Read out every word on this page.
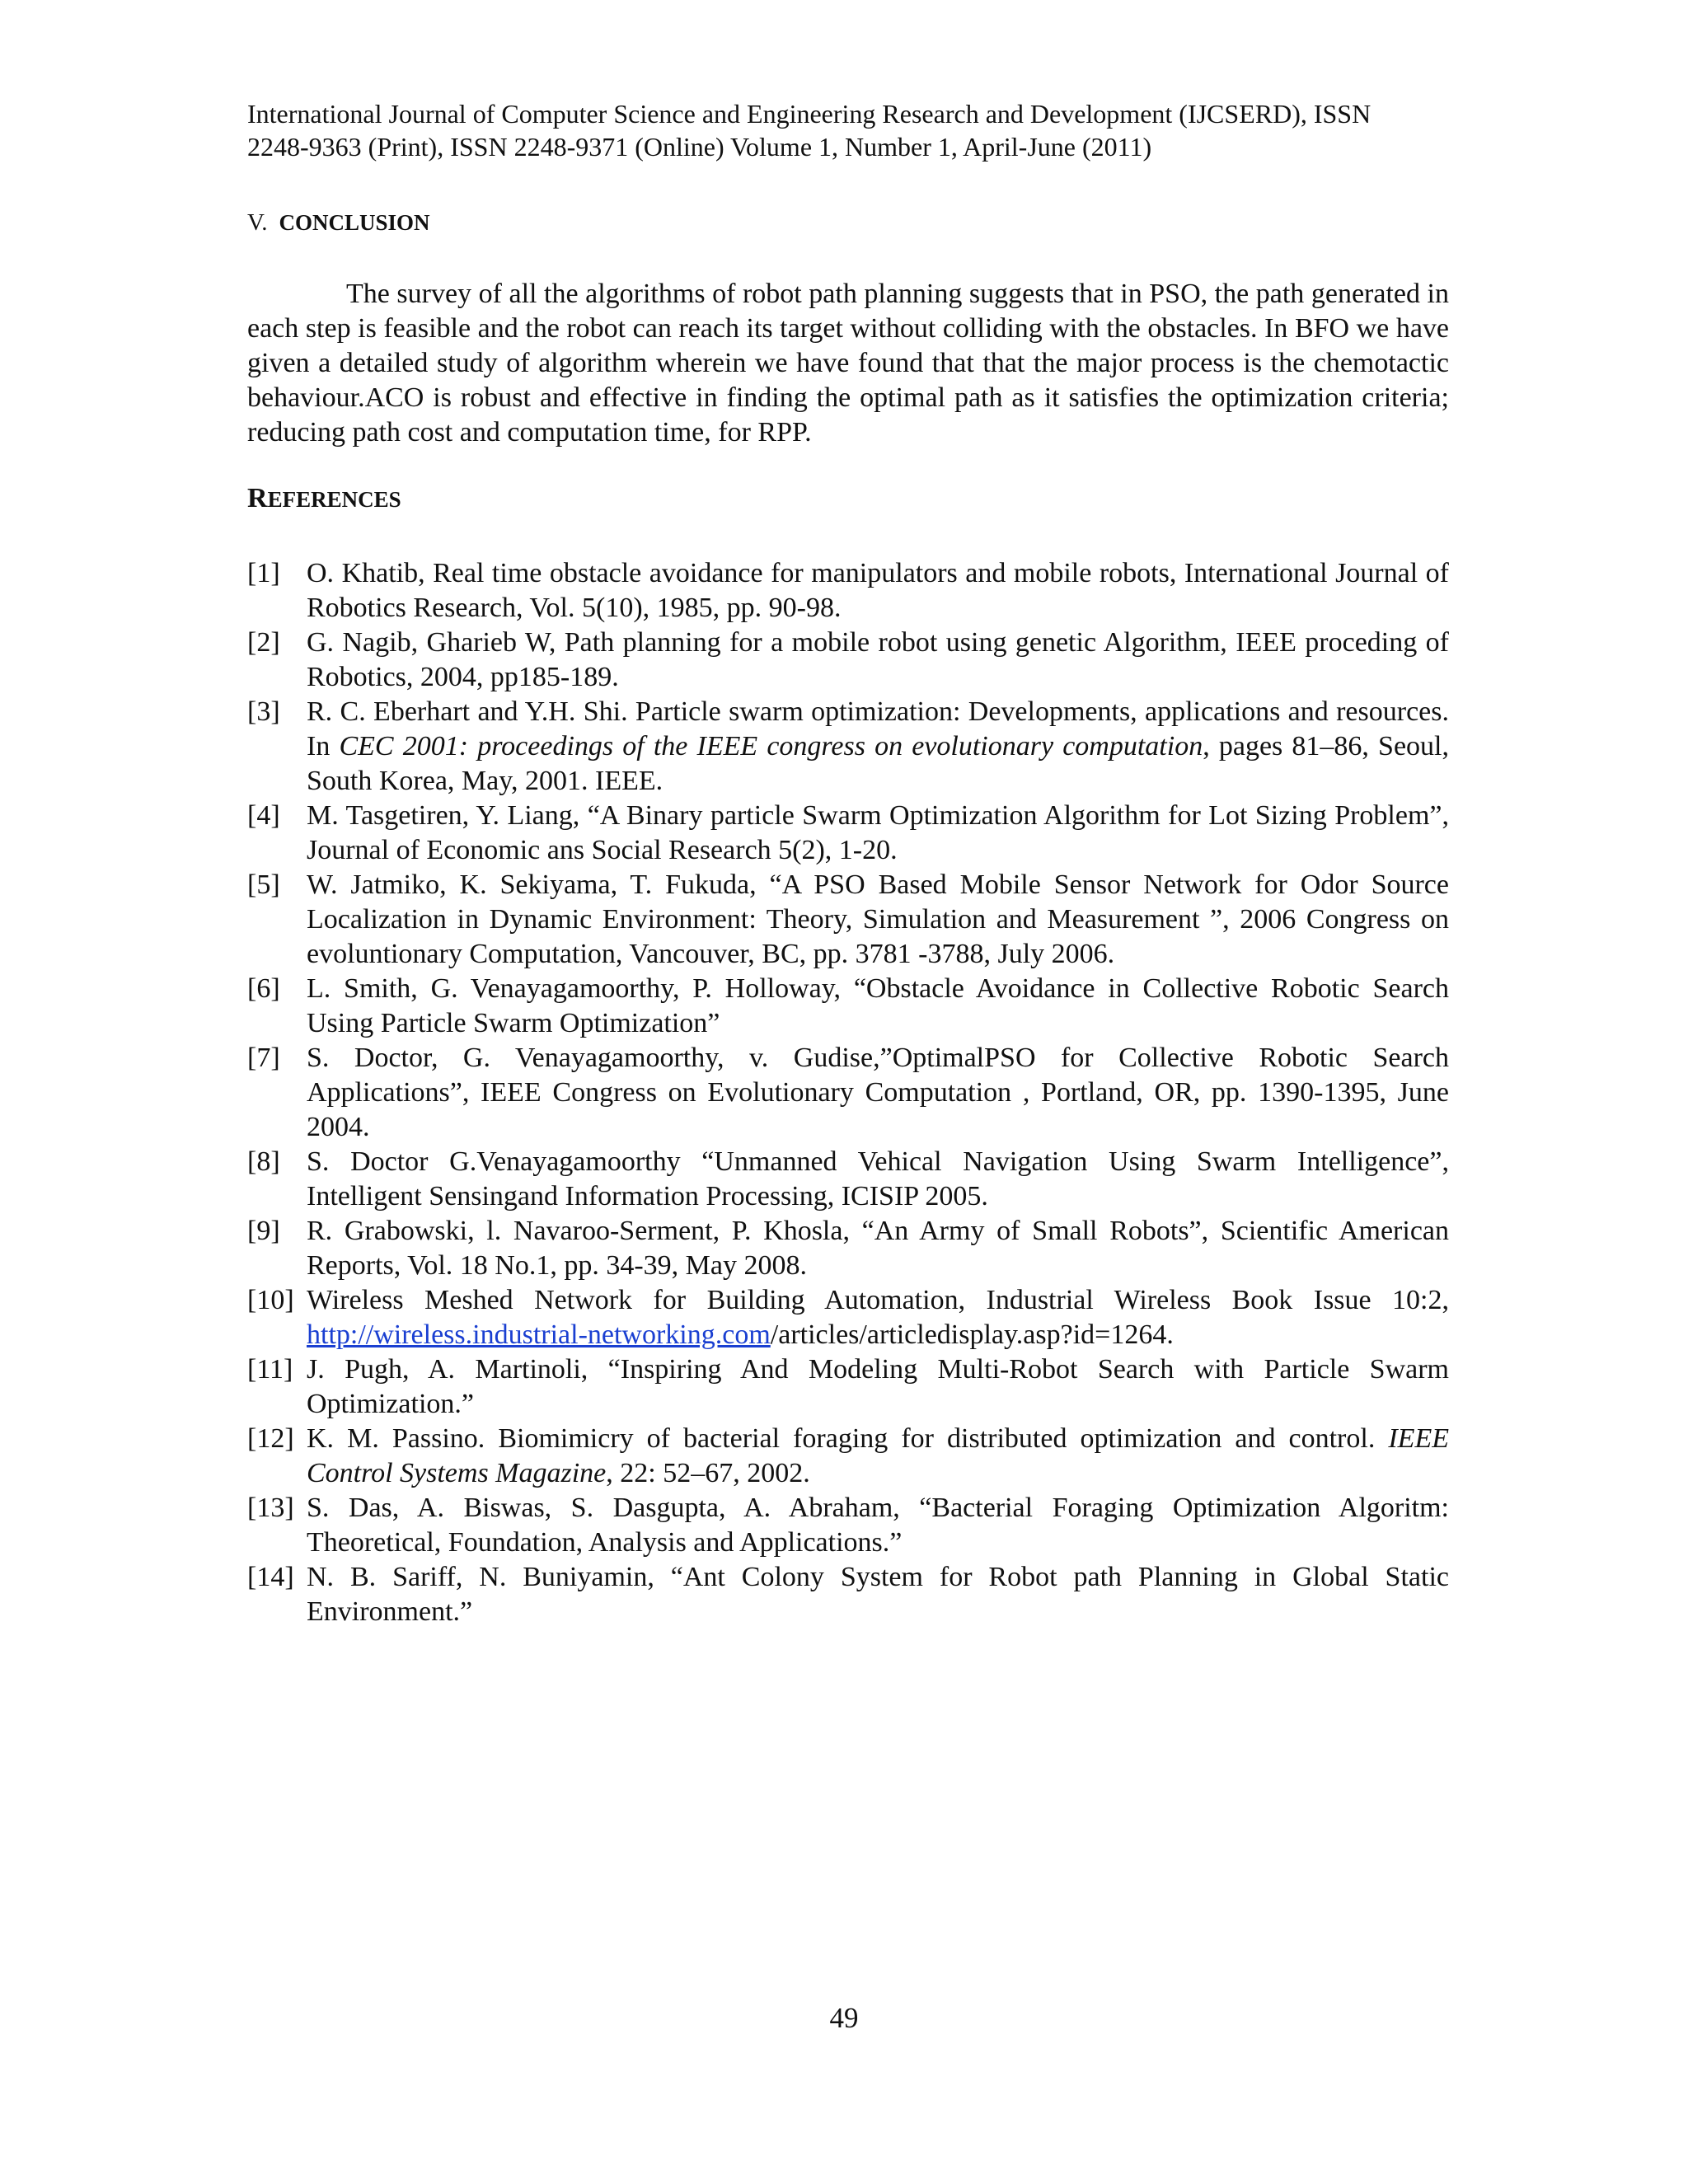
International Journal of Computer Science and Engineering Research and Development (IJCSERD), ISSN
2248-9363 (Print), ISSN 2248-9371 (Online) Volume 1, Number 1, April-June (2011)
V. CONCLUSION

The survey of all the algorithms of robot path planning suggests that in PSO, the path generated in each step is feasible and the robot can reach its target without colliding with the obstacles. In BFO we have given a detailed study of algorithm wherein we have found that that the major process is the chemotactic behaviour.ACO is robust and effective in finding the optimal path as it satisfies the optimization criteria; reducing path cost and computation time, for RPP.

REFERENCES
[1] O. Khatib, Real time obstacle avoidance for manipulators and mobile robots, International Journal of Robotics Research, Vol. 5(10), 1985, pp. 90-98.
[2] G. Nagib, Gharieb W, Path planning for a mobile robot using genetic Algorithm, IEEE proceding of Robotics, 2004, pp185-189.
[3] R. C. Eberhart and Y.H. Shi. Particle swarm optimization: Developments, applications and resources. In CEC 2001: proceedings of the IEEE congress on evolutionary computation, pages 81–86, Seoul, South Korea, May, 2001. IEEE.
[4] M. Tasgetiren, Y. Liang, “A Binary particle Swarm Optimization Algorithm for Lot Sizing Problem”, Journal of Economic ans Social Research 5(2), 1-20.
[5] W. Jatmiko, K. Sekiyama, T. Fukuda, “A PSO Based Mobile Sensor Network for Odor Source Localization in Dynamic Environment: Theory, Simulation and Measurement ”, 2006 Congress on evoluntionary Computation, Vancouver, BC, pp. 3781 -3788, July 2006.
[6] L. Smith, G. Venayagamoorthy, P. Holloway, “Obstacle Avoidance in Collective Robotic Search Using Particle Swarm Optimization”
[7] S. Doctor, G. Venayagamoorthy, v. Gudise,”OptimalPSO for Collective Robotic Search Applications”, IEEE Congress on Evolutionary Computation , Portland, OR, pp. 1390-1395, June 2004.
[8] S. Doctor G.Venayagamoorthy “Unmanned Vehical Navigation Using Swarm Intelligence”, Intelligent Sensingand Information Processing, ICISIP 2005.
[9] R. Grabowski, l. Navaroo-Serment, P. Khosla, “An Army of Small Robots”, Scientific American Reports, Vol. 18 No.1, pp. 34-39, May 2008.
[10] Wireless Meshed Network for Building Automation, Industrial Wireless Book Issue 10:2, http://wireless.industrial-networking.com/articles/articledisplay.asp?id=1264.
[11] J. Pugh, A. Martinoli, “Inspiring And Modeling Multi-Robot Search with Particle Swarm Optimization.”
[12] K. M. Passino. Biomimicry of bacterial foraging for distributed optimization and control. IEEE Control Systems Magazine, 22: 52–67, 2002.
[13] S. Das, A. Biswas, S. Dasgupta, A. Abraham, “Bacterial Foraging Optimization Algoritm: Theoretical, Foundation, Analysis and Applications.”
[14] N. B. Sariff, N. Buniyamin, “Ant Colony System for Robot path Planning in Global Static Environment.”
49
